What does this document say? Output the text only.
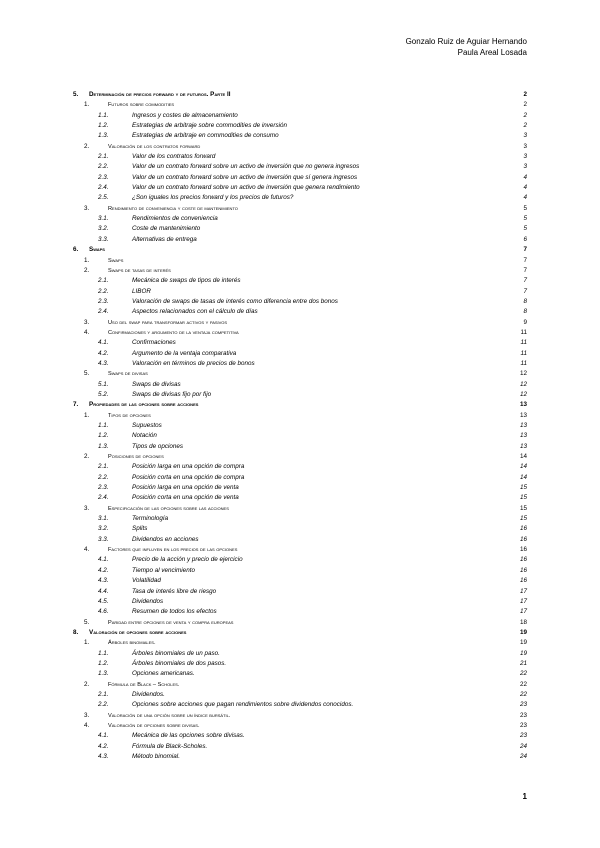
Gonzalo Ruiz de Aguiar Hernando
Paula Areal Losada
5. Determinación de precios forward y de futuros. Parte II	2
1.	Futuros sobre commodities	2
1.1.	Ingresos y costes de almacenamiento	2
1.2.	Estrategias de arbitraje sobre commodities de inversión	2
1.3.	Estrategias de arbitraje en commodities de consumo	3
2.	Valoración de los contratos forward	3
2.1.	Valor de los contratos forward	3
2.2.	Valor de un contrato forward sobre un activo de inversión que no genera ingresos	3
2.3.	Valor de un contrato forward sobre un activo de inversión que sí genera ingresos	4
2.4.	Valor de un contrato forward sobre un activo de inversión que genera rendimiento	4
2.5.	¿Son iguales los precios forward y los precios de futuros?	4
3.	Rendimiento de conveniencia y coste de mantenimiento	5
3.1.	Rendimientos de conveniencia	5
3.2.	Coste de mantenimiento	5
3.3.	Alternativas de entrega	6
6. Swaps	7
1.	Swaps	7
2.	Swaps de tasas de interés	7
2.1.	Mecánica de swaps de tipos de interés	7
2.2.	LIBOR	7
2.3.	Valoración de swaps de tasas de interés como diferencia entre dos bonos	8
2.4.	Aspectos relacionados con el cálculo de días	8
3.	Uso del swap para transformar activos y pasivos	9
4.	Confirmaciones y argumento de la ventaja competitiva	11
4.1.	Confirmaciones	11
4.2.	Argumento de la ventaja comparativa	11
4.3.	Valoración en términos de precios de bonos	11
5.	Swaps de divisas	12
5.1.	Swaps de divisas	12
5.2.	Swaps de divisas fijo por fijo	12
7. Propiedades de las opciones sobre acciones	13
1.	Tipos de opciones	13
1.1.	Supuestos	13
1.2.	Notación	13
1.3.	Tipos de opciones	13
2.	Posiciones de opciones	14
2.1.	Posición larga en una opción de compra	14
2.2.	Posición corta en una opción de compra	14
2.3.	Posición larga en una opción de venta	15
2.4.	Posición corta en una opción de venta	15
3.	Especificación de las opciones sobre las acciones	15
3.1.	Terminología	15
3.2.	Splits	16
3.3.	Dividendos en acciones	16
4.	Factores que influyen en los precios de las opciones	16
4.1.	Precio de la acción y precio de ejercicio	16
4.2.	Tiempo al vencimiento	16
4.3.	Volatilidad	16
4.4.	Tasa de interés libre de riesgo	17
4.5.	Dividendos	17
4.6.	Resumen de todos los efectos	17
5.	Paridad entre opciones de venta y compra europeas	18
8. Valoración de opciones sobre acciones	19
1.	Árboles binomiales.	19
1.1.	Árboles binomiales de un paso.	19
1.2.	Árboles binomiales de dos pasos.	21
1.3.	Opciones americanas.	22
2.	Fórmula de Black – Scholes.	22
2.1.	Dividendos.	22
2.2.	Opciones sobre acciones que pagan rendimientos sobre dividendos conocidos.	23
3.	Valoración de una opción sobre un índice bursátil.	23
4.	Valoración de opciones sobre divisas.	23
4.1.	Mecánica de las opciones sobre divisas.	23
4.2.	Fórmula de Black-Scholes.	24
4.3.	Método binomial.	24
1
